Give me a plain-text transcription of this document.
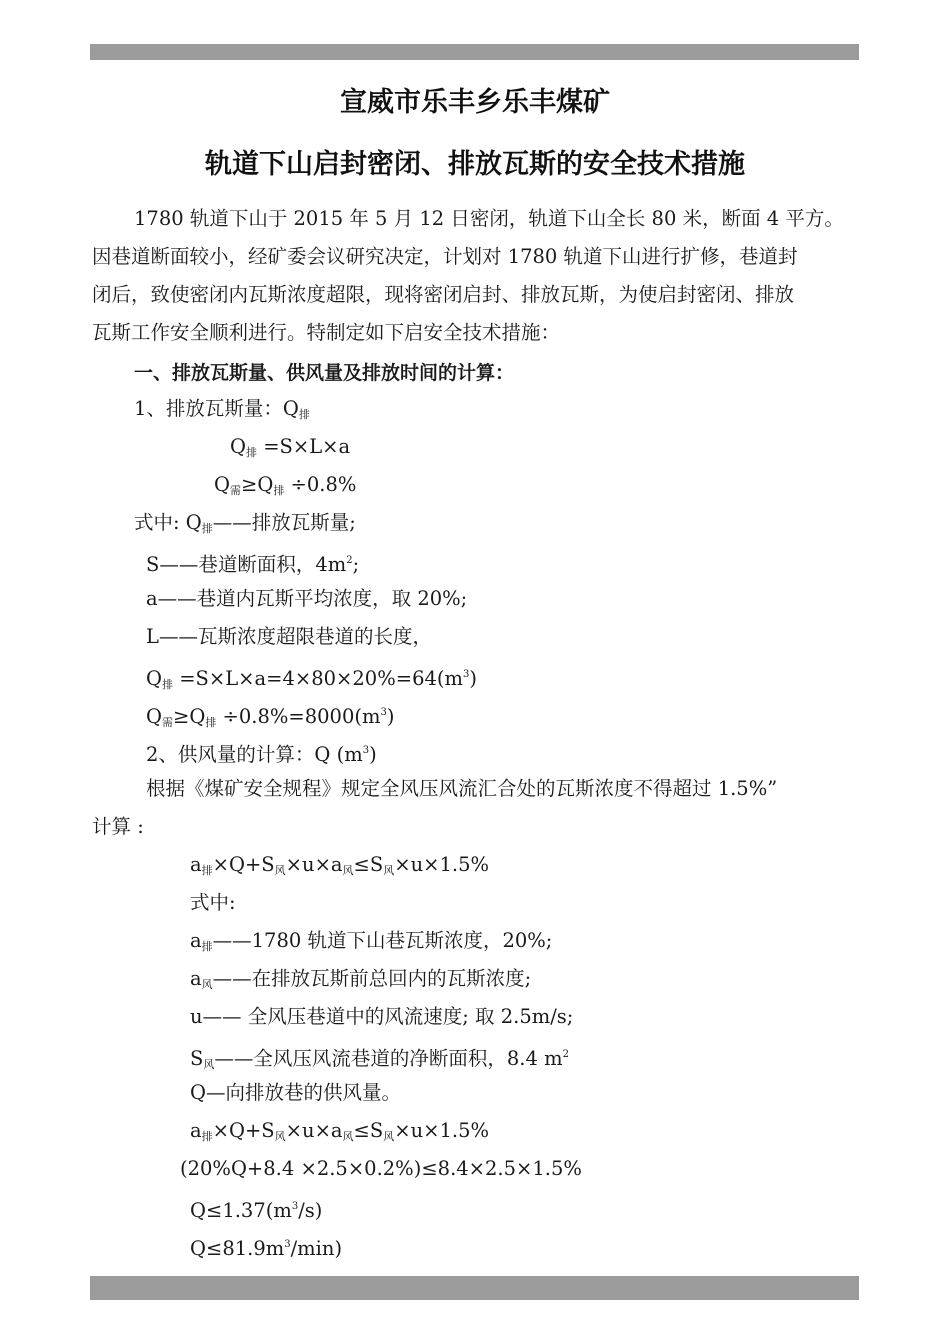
宣威市乐丰乡乐丰煤矿
轨道下山启封密闭、排放瓦斯的安全技术措施
1780 轨道下山于 2015 年 5 月 12 日密闭，轨道下山全长 80 米，断面 4 平方。
因巷道断面较小，经矿委会议研究决定，计划对 1780 轨道下山进行扩修，巷道封
闭后，致使密闭内瓦斯浓度超限，现将密闭启封、排放瓦斯，为使启封密闭、排放
瓦斯工作安全顺利进行。特制定如下启安全技术措施：
一、排放瓦斯量、供风量及排放时间的计算：
1、排放瓦斯量：$Q_排$
$Q_排 =S\times L\times a$
$Q_需\ge Q_排 \div 0.8\%$
式中: $Q_排——$排放瓦斯量;
S——巷道断面积，$4m^2$;
a——巷道内瓦斯平均浓度，取 20%;
L——瓦斯浓度超限巷道的长度，
$Q_排 =S\times L\times a=4\times 80\times 20\%=64(m^3)$
$Q_需\ge Q_排 \div 0.8\%=8000(m^3)$
2、供风量的计算：Q $(m^3)$
根据《煤矿安全规程》规定全风压风流汇合处的瓦斯浓度不得超过 1.5%”
计算 :
$a_排\times Q+S_风\times u\times a_风\le S_风\times u\times 1.5\%$
式中:
$a_排——1780$ 轨道下山巷瓦斯浓度，20%;
$a_风——$在排放瓦斯前总回内的瓦斯浓度;
u—— 全风压巷道中的风流速度; 取 2.5m/s;
$S_风——$全风压风流巷道的净断面积，8.4 $m^2$
Q—向排放巷的供风量。
$a_排\times Q+S_风\times u\times a_风\le S_风\times u\times 1.5\%$
(20%Q+8.4 ×2.5×0.2%)≤8.4×2.5×1.5%
$Q\le 1.37(m^3/s)$
$Q\le 81.9m^3/\min$)
